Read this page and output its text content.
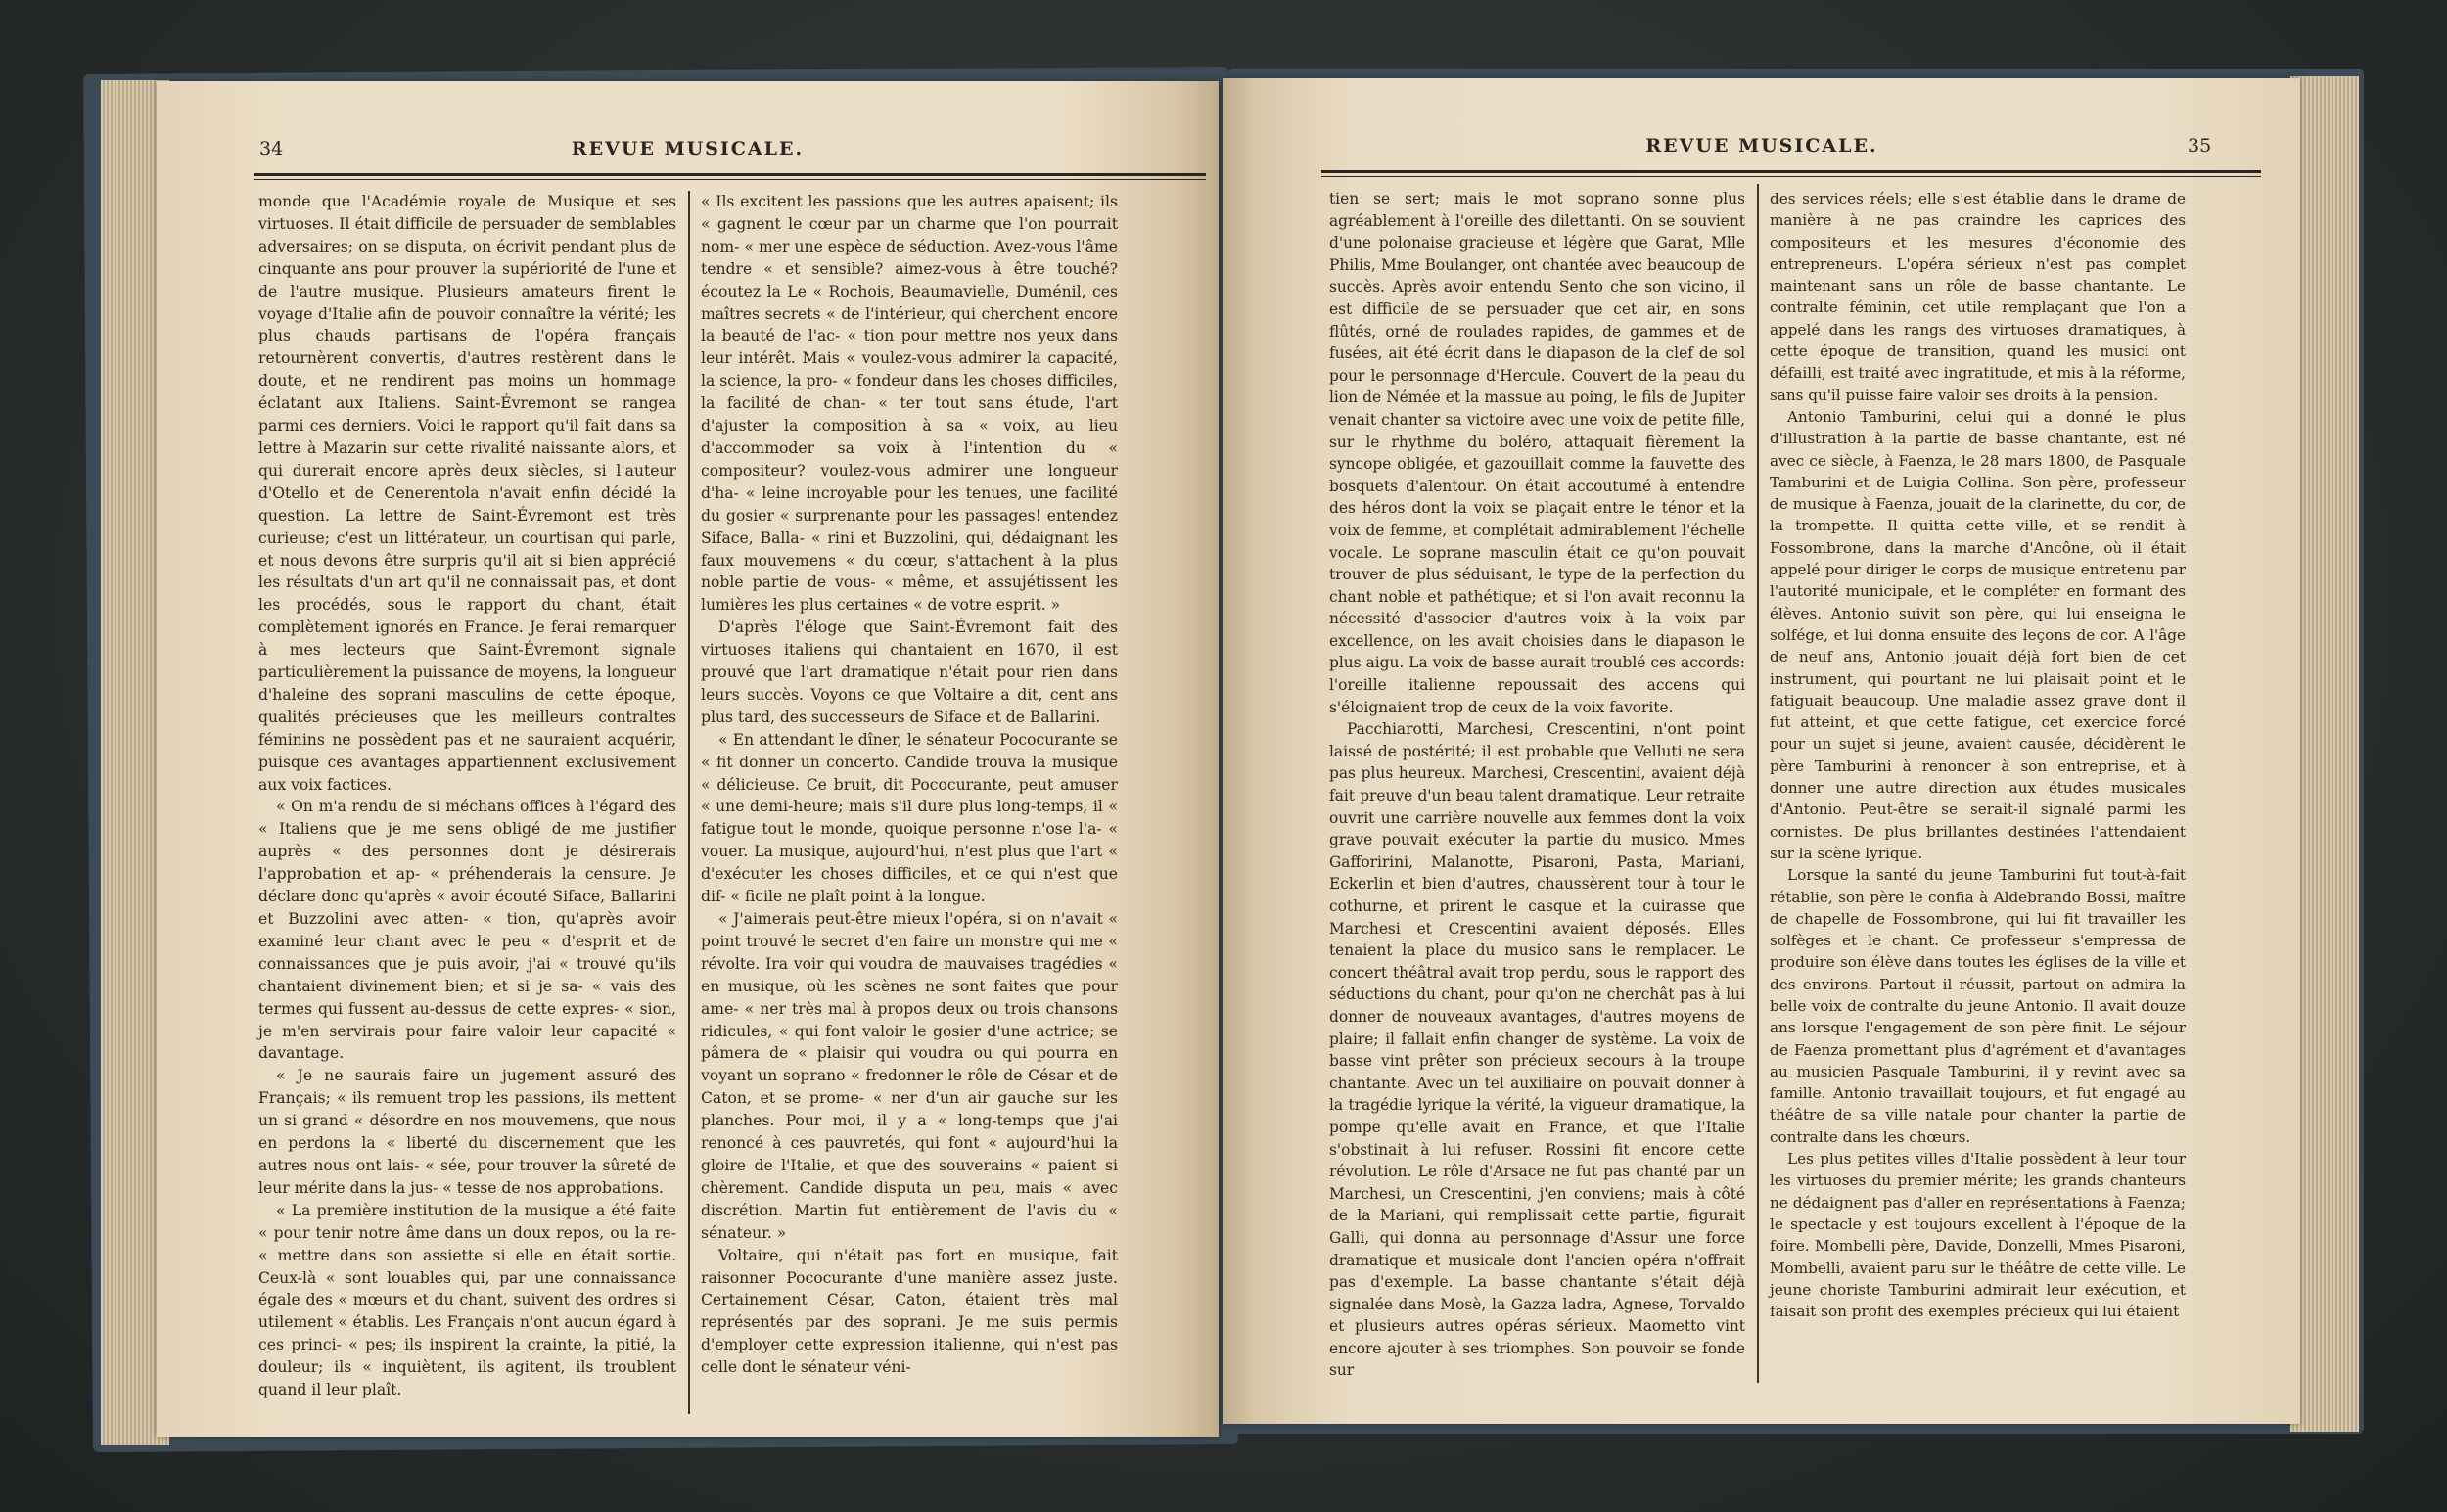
34	REVUE MUSICALE.

monde que l'Académie royale de Musique et ses virtuoses. Il était difficile de persuader de semblables adversaires; on se disputa, on écrivit pendant plus de cinquante ans pour prouver la supériorité de l'une et de l'autre musique. Plusieurs amateurs firent le voyage d'Italie afin de pouvoir connaître la vérité; les plus chauds partisans de l'opéra français retournèrent convertis, d'autres restèrent dans le doute, et ne rendirent pas moins un hommage éclatant aux Italiens. Saint-Évremont se rangea parmi ces derniers. Voici le rapport qu'il fait dans sa lettre à Mazarin sur cette rivalité naissante alors, et qui durerait encore après deux siècles, si l'auteur d'Otello et de Cenerentola n'avait enfin décidé la question. La lettre de Saint-Évremont est très curieuse; c'est un littérateur, un courtisan qui parle, et nous devons être surpris qu'il ait si bien apprécié les résultats d'un art qu'il ne connaissait pas, et dont les procédés, sous le rapport du chant, était complètement ignorés en France. Je ferai remarquer à mes lecteurs que Saint-Évremont signale particulièrement la puissance de moyens, la longueur d'haleine des soprani masculins de cette époque, qualités précieuses que les meilleurs contraltes féminins ne possèdent pas et ne sauraient acquérir, puisque ces avantages appartiennent exclusivement aux voix factices.

« On m'a rendu de si méchans offices à l'égard des « Italiens que je me sens obligé de me justifier auprès « des personnes dont je désirerais l'approbation et ap- « préhenderais la censure. Je déclare donc qu'après « avoir écouté Siface, Ballarini et Buzzolini avec atten- « tion, qu'après avoir examiné leur chant avec le peu « d'esprit et de connaissances que je puis avoir, j'ai « trouvé qu'ils chantaient divinement bien; et si je sa- « vais des termes qui fussent au-dessus de cette expres- « sion, je m'en servirais pour faire valoir leur capacité « davantage.

« Je ne saurais faire un jugement assuré des Français; « ils remuent trop les passions, ils mettent un si grand « désordre en nos mouvemens, que nous en perdons la « liberté du discernement que les autres nous ont lais- « sée, pour trouver la sûreté de leur mérite dans la jus- « tesse de nos approbations.

« La première institution de la musique a été faite « pour tenir notre âme dans un doux repos, ou la re- « mettre dans son assiette si elle en était sortie. Ceux-là « sont louables qui, par une connaissance égale des « mœurs et du chant, suivent des ordres si utilement « établis. Les Français n'ont aucun égard à ces princi- « pes; ils inspirent la crainte, la pitié, la douleur; ils « inquiètent, ils agitent, ils troublent quand il leur plaît.

« Ils excitent les passions que les autres apaisent; ils « gagnent le cœur par un charme que l'on pourrait nom- « mer une espèce de séduction. Avez-vous l'âme tendre « et sensible? aimez-vous à être touché? écoutez la Le « Rochois, Beaumavielle, Duménil, ces maîtres secrets « de l'intérieur, qui cherchent encore la beauté de l'ac- « tion pour mettre nos yeux dans leur intérêt. Mais « voulez-vous admirer la capacité, la science, la pro- « fondeur dans les choses difficiles, la facilité de chan- « ter tout sans étude, l'art d'ajuster la composition à sa « voix, au lieu d'accommoder sa voix à l'intention du « compositeur? voulez-vous admirer une longueur d'ha- « leine incroyable pour les tenues, une facilité du gosier « surprenante pour les passages! entendez Siface, Balla- « rini et Buzzolini, qui, dédaignant les faux mouvemens « du cœur, s'attachent à la plus noble partie de vous- « même, et assujétissent les lumières les plus certaines « de votre esprit. »

D'après l'éloge que Saint-Évremont fait des virtuoses italiens qui chantaient en 1670, il est prouvé que l'art dramatique n'était pour rien dans leurs succès. Voyons ce que Voltaire a dit, cent ans plus tard, des successeurs de Siface et de Ballarini.

« En attendant le dîner, le sénateur Pococurante se « fit donner un concerto. Candide trouva la musique « délicieuse. Ce bruit, dit Pococurante, peut amuser « une demi-heure; mais s'il dure plus long-temps, il « fatigue tout le monde, quoique personne n'ose l'a- « vouer. La musique, aujourd'hui, n'est plus que l'art « d'exécuter les choses difficiles, et ce qui n'est que dif- « ficile ne plaît point à la longue.

« J'aimerais peut-être mieux l'opéra, si on n'avait « point trouvé le secret d'en faire un monstre qui me « révolte. Ira voir qui voudra de mauvaises tragédies « en musique, où les scènes ne sont faites que pour ame- « ner très mal à propos deux ou trois chansons ridicules, « qui font valoir le gosier d'une actrice; se pâmera de « plaisir qui voudra ou qui pourra en voyant un soprano « fredonner le rôle de César et de Caton, et se prome- « ner d'un air gauche sur les planches. Pour moi, il y a « long-temps que j'ai renoncé à ces pauvretés, qui font « aujourd'hui la gloire de l'Italie, et que des souverains « paient si chèrement. Candide disputa un peu, mais « avec discrétion. Martin fut entièrement de l'avis du « sénateur. »

Voltaire, qui n'était pas fort en musique, fait raisonner Pococurante d'une manière assez juste. Certainement César, Caton, étaient très mal représentés par des soprani. Je me suis permis d'employer cette expression italienne, qui n'est pas celle dont le sénateur véni-

REVUE MUSICALE.	35

tien se sert; mais le mot soprano sonne plus agréablement à l'oreille des dilettanti. On se souvient d'une polonaise gracieuse et légère que Garat, Mlle Philis, Mme Boulanger, ont chantée avec beaucoup de succès. Après avoir entendu Sento che son vicino, il est difficile de se persuader que cet air, en sons flûtés, orné de roulades rapides, de gammes et de fusées, ait été écrit dans le diapason de la clef de sol pour le personnage d'Hercule. Couvert de la peau du lion de Némée et la massue au poing, le fils de Jupiter venait chanter sa victoire avec une voix de petite fille, sur le rhythme du boléro, attaquait fièrement la syncope obligée, et gazouillait comme la fauvette des bosquets d'alentour. On était accoutumé à entendre des héros dont la voix se plaçait entre le ténor et la voix de femme, et complétait admirablement l'échelle vocale. Le soprane masculin était ce qu'on pouvait trouver de plus séduisant, le type de la perfection du chant noble et pathétique; et si l'on avait reconnu la nécessité d'associer d'autres voix à la voix par excellence, on les avait choisies dans le diapason le plus aigu. La voix de basse aurait troublé ces accords: l'oreille italienne repoussait des accens qui s'éloignaient trop de ceux de la voix favorite.

Pacchiarotti, Marchesi, Crescentini, n'ont point laissé de postérité; il est probable que Velluti ne sera pas plus heureux. Marchesi, Crescentini, avaient déjà fait preuve d'un beau talent dramatique. Leur retraite ouvrit une carrière nouvelle aux femmes dont la voix grave pouvait exécuter la partie du musico. Mmes Gafforirini, Malanotte, Pisaroni, Pasta, Mariani, Eckerlin et bien d'autres, chaussèrent tour à tour le cothurne, et prirent le casque et la cuirasse que Marchesi et Crescentini avaient déposés. Elles tenaient la place du musico sans le remplacer. Le concert théâtral avait trop perdu, sous le rapport des séductions du chant, pour qu'on ne cherchât pas à lui donner de nouveaux avantages, d'autres moyens de plaire; il fallait enfin changer de système. La voix de basse vint prêter son précieux secours à la troupe chantante. Avec un tel auxiliaire on pouvait donner à la tragédie lyrique la vérité, la vigueur dramatique, la pompe qu'elle avait en France, et que l'Italie s'obstinait à lui refuser. Rossini fit encore cette révolution. Le rôle d'Arsace ne fut pas chanté par un Marchesi, un Crescentini, j'en conviens; mais à côté de la Mariani, qui remplissait cette partie, figurait Galli, qui donna au personnage d'Assur une force dramatique et musicale dont l'ancien opéra n'offrait pas d'exemple. La basse chantante s'était déjà signalée dans Mosè, la Gazza ladra, Agnese, Torvaldo et plusieurs autres opéras sérieux. Maometto vint encore ajouter à ses triomphes. Son pouvoir se fonde sur

des services réels; elle s'est établie dans le drame de manière à ne pas craindre les caprices des compositeurs et les mesures d'économie des entrepreneurs. L'opéra sérieux n'est pas complet maintenant sans un rôle de basse chantante. Le contralte féminin, cet utile remplaçant que l'on a appelé dans les rangs des virtuoses dramatiques, à cette époque de transition, quand les musici ont défailli, est traité avec ingratitude, et mis à la réforme, sans qu'il puisse faire valoir ses droits à la pension.

Antonio Tamburini, celui qui a donné le plus d'illustration à la partie de basse chantante, est né avec ce siècle, à Faenza, le 28 mars 1800, de Pasquale Tamburini et de Luigia Collina. Son père, professeur de musique à Faenza, jouait de la clarinette, du cor, de la trompette. Il quitta cette ville, et se rendit à Fossombrone, dans la marche d'Ancône, où il était appelé pour diriger le corps de musique entretenu par l'autorité municipale, et le compléter en formant des élèves. Antonio suivit son père, qui lui enseigna le solfége, et lui donna ensuite des leçons de cor. A l'âge de neuf ans, Antonio jouait déjà fort bien de cet instrument, qui pourtant ne lui plaisait point et le fatiguait beaucoup. Une maladie assez grave dont il fut atteint, et que cette fatigue, cet exercice forcé pour un sujet si jeune, avaient causée, décidèrent le père Tamburini à renoncer à son entreprise, et à donner une autre direction aux études musicales d'Antonio. Peut-être se serait-il signalé parmi les cornistes. De plus brillantes destinées l'attendaient sur la scène lyrique.

Lorsque la santé du jeune Tamburini fut tout-à-fait rétablie, son père le confia à Aldebrando Bossi, maître de chapelle de Fossombrone, qui lui fit travailler les solfèges et le chant. Ce professeur s'empressa de produire son élève dans toutes les églises de la ville et des environs. Partout il réussit, partout on admira la belle voix de contralte du jeune Antonio. Il avait douze ans lorsque l'engagement de son père finit. Le séjour de Faenza promettant plus d'agrément et d'avantages au musicien Pasquale Tamburini, il y revint avec sa famille. Antonio travaillait toujours, et fut engagé au théâtre de sa ville natale pour chanter la partie de contralte dans les chœurs.

Les plus petites villes d'Italie possèdent à leur tour les virtuoses du premier mérite; les grands chanteurs ne dédaignent pas d'aller en représentations à Faenza; le spectacle y est toujours excellent à l'époque de la foire. Mombelli père, Davide, Donzelli, Mmes Pisaroni, Mombelli, avaient paru sur le théâtre de cette ville. Le jeune choriste Tamburini admirait leur exécution, et faisait son profit des exemples précieux qui lui étaient
